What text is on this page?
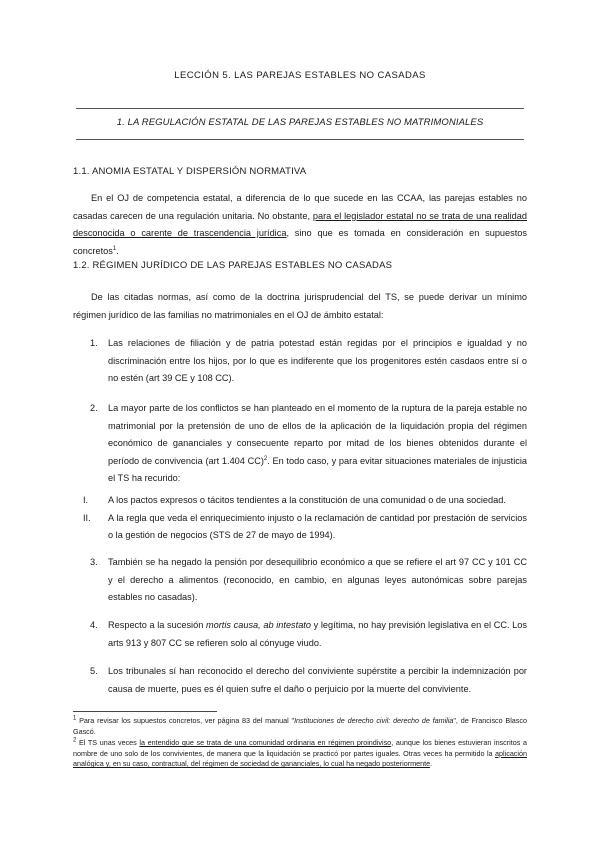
LECCIÓN 5. LAS PAREJAS ESTABLES NO CASADAS
1. LA REGULACIÓN ESTATAL DE LAS PAREJAS ESTABLES NO MATRIMONIALES
1.1. ANOMIA ESTATAL Y DISPERSIÓN NORMATIVA
En el OJ de competencia estatal, a diferencia de lo que sucede en las CCAA, las parejas estables no casadas carecen de una regulación unitaria. No obstante, para el legislador estatal no se trata de una realidad desconocida o carente de trascendencia jurídica, sino que es tomada en consideración en supuestos concretos$^1$.
1.2. RÉGIMEN JURÍDICO DE LAS PAREJAS ESTABLES NO CASADAS
De las citadas normas, así como de la doctrina jurisprudencial del TS, se puede derivar un mínimo régimen jurídico de las familias no matrimoniales en el OJ de ámbito estatal:
1. Las relaciones de filiación y de patria potestad están regidas por el principios e igualdad y no discriminación entre los hijos, por lo que es indiferente que los progenitores estén casdaos entre sí o no estén (art 39 CE y 108 CC).
2. La mayor parte de los conflictos se han planteado en el momento de la ruptura de la pareja estable no matrimonial por la pretensión de uno de ellos de la aplicación de la liquidación propia del régimen económico de gananciales y consecuente reparto por mitad de los bienes obtenidos durante el período de convivencia (art 1.404 CC)$^2$. En todo caso, y para evitar situaciones materiales de injusticia el TS ha recurido:
I. A los pactos expresos o tácitos tendientes a la constitución de una comunidad o de una sociedad.
II. A la regla que veda el enriquecimiento injusto o la reclamación de cantidad por prestación de servicios o la gestión de negocios (STS de 27 de mayo de 1994).
3. También se ha negado la pensión por desequilibrio económico a que se refiere el art 97 CC y 101 CC y el derecho a alimentos (reconocido, en cambio, en algunas leyes autonómicas sobre parejas estables no casadas).
4. Respecto a la sucesión mortis causa, ab intestato y legítima, no hay previsión legislativa en el CC. Los arts 913 y 807 CC se refieren solo al cónyuge viudo.
5. Los tribunales sí han reconocido el derecho del conviviente supérstite a percibir la indemnización por causa de muerte, pues es él quien sufre el daño o perjuicio por la muerte del conviviente.
$^1$ Para revisar los supuestos concretos, ver página 83 del manual "Instituciones de derecho civil: derecho de familia", de Francisco Blasco Gascó.
$^2$ El TS unas veces la entendido que se trata de una comunidad ordinaria en régimen proindiviso, aunque los bienes estuvieran inscritos a nombre de uno solo de los convivientes, de manera que la liquidación se practicó por partes iguales. Otras veces ha permitido la aplicación analógica y, en su caso, contractual, del régimen de sociedad de gananciales, lo cual ha negado posteriormente.
